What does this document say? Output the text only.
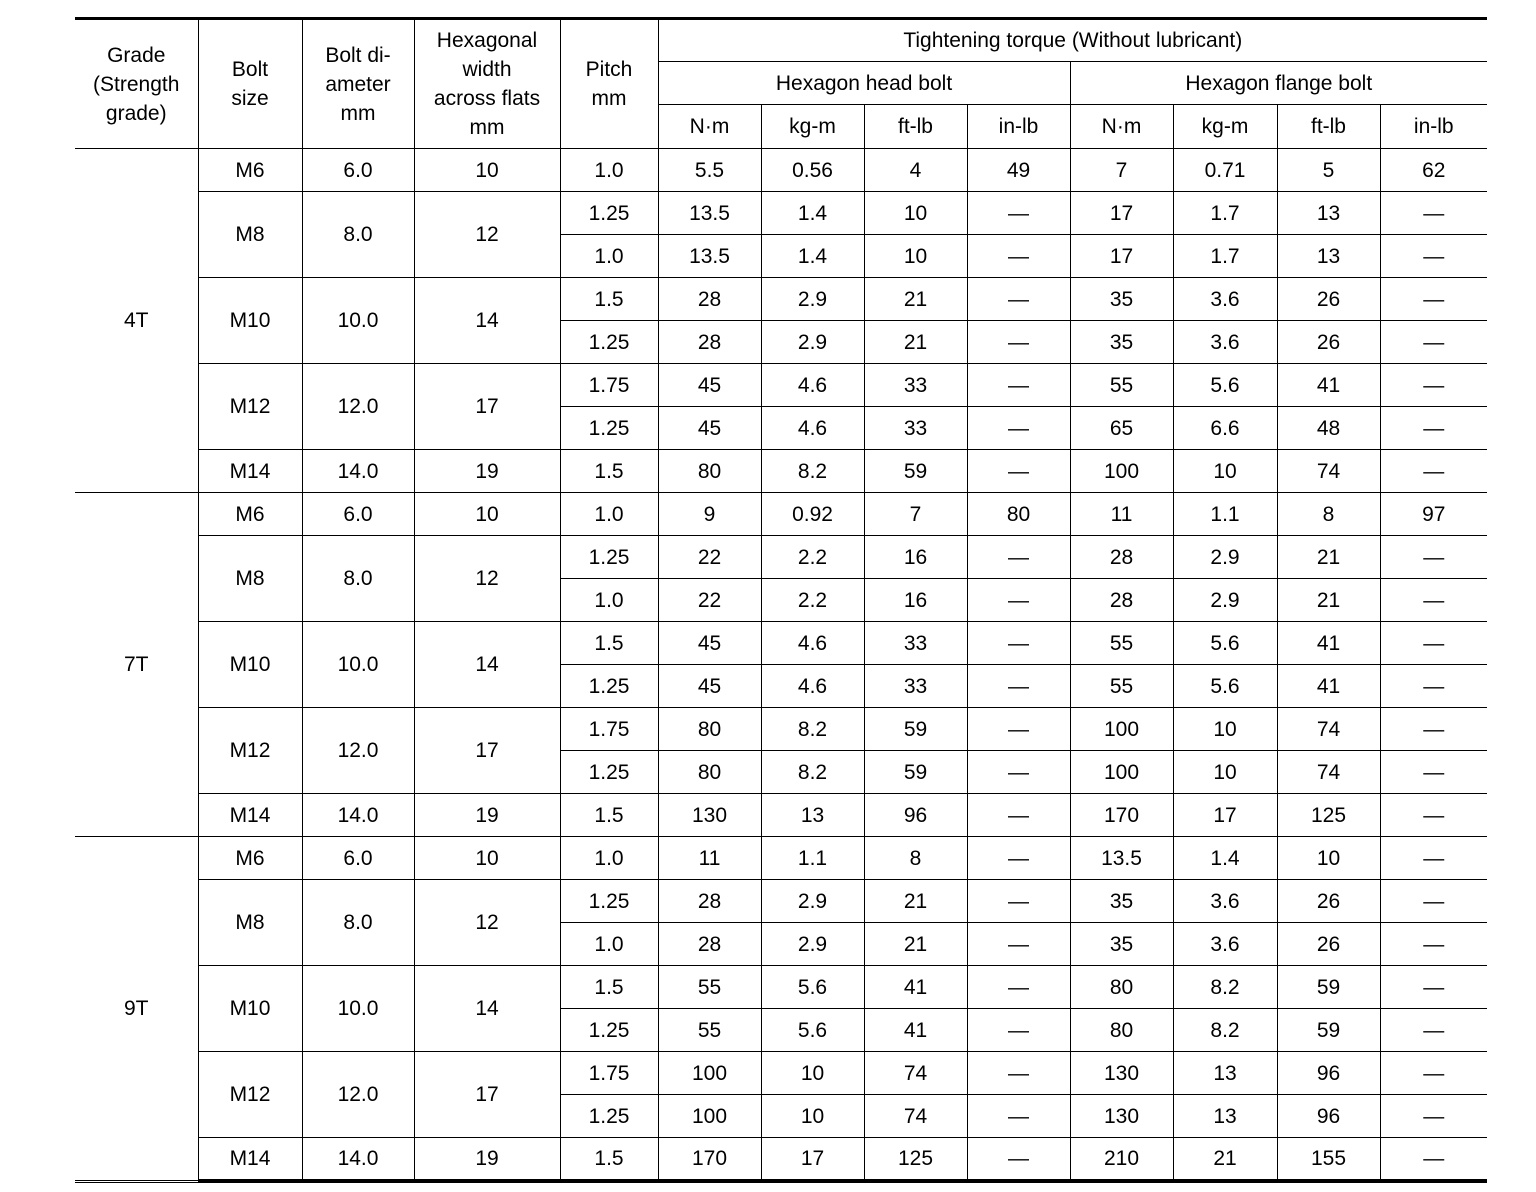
Grade
(Strength
grade)	Bolt
size	Bolt di-
ameter
mm	Hexagonal
width
across flats
mm	Pitch
mm	Tightening torque (Without lubricant)							
					Hexagon head bolt				Hexagon flange bolt			
					N·m	kg-m	ft-lb	in-lb	N·m	kg-m	ft-lb	in-lb
4T	M6	6.0	10	1.0	5.5	0.56	4	49	7	0.71	5	62
	M8	8.0	12	1.25	13.5	1.4	10	—	17	1.7	13	—
				1.0	13.5	1.4	10	—	17	1.7	13	—
	M10	10.0	14	1.5	28	2.9	21	—	35	3.6	26	—
				1.25	28	2.9	21	—	35	3.6	26	—
	M12	12.0	17	1.75	45	4.6	33	—	55	5.6	41	—
				1.25	45	4.6	33	—	65	6.6	48	—
	M14	14.0	19	1.5	80	8.2	59	—	100	10	74	—
7T	M6	6.0	10	1.0	9	0.92	7	80	11	1.1	8	97
	M8	8.0	12	1.25	22	2.2	16	—	28	2.9	21	—
				1.0	22	2.2	16	—	28	2.9	21	—
	M10	10.0	14	1.5	45	4.6	33	—	55	5.6	41	—
				1.25	45	4.6	33	—	55	5.6	41	—
	M12	12.0	17	1.75	80	8.2	59	—	100	10	74	—
				1.25	80	8.2	59	—	100	10	74	—
	M14	14.0	19	1.5	130	13	96	—	170	17	125	—
9T	M6	6.0	10	1.0	11	1.1	8	—	13.5	1.4	10	—
	M8	8.0	12	1.25	28	2.9	21	—	35	3.6	26	—
				1.0	28	2.9	21	—	35	3.6	26	—
	M10	10.0	14	1.5	55	5.6	41	—	80	8.2	59	—
				1.25	55	5.6	41	—	80	8.2	59	—
	M12	12.0	17	1.75	100	10	74	—	130	13	96	—
				1.25	100	10	74	—	130	13	96	—
	M14	14.0	19	1.5	170	17	125	—	210	21	155	—
